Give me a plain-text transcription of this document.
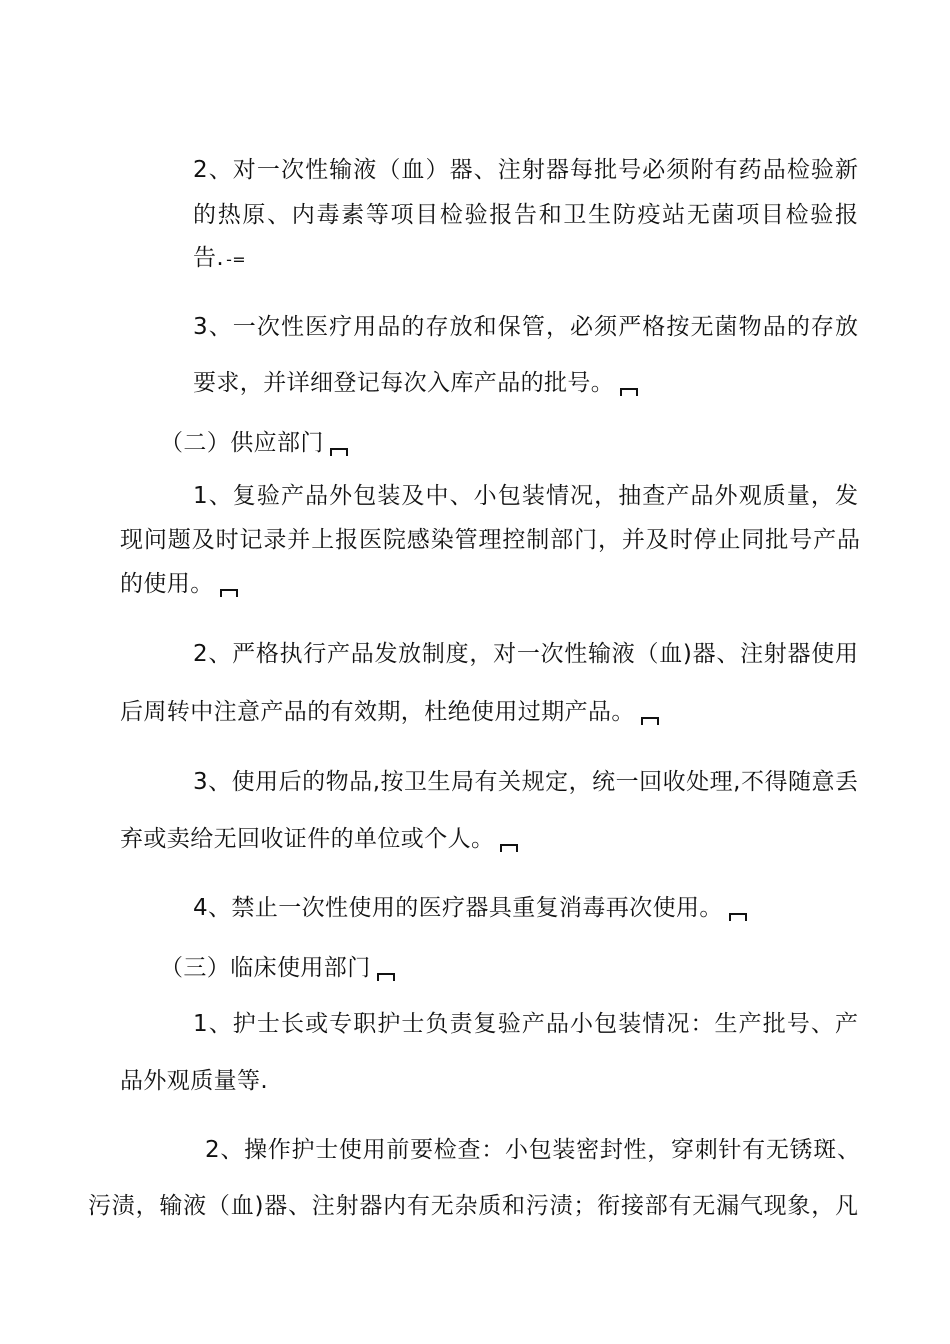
2、对一次性输液（血）器、注射器每批号必须附有药品检验新

的热原、内毒素等项目检验报告和卫生防疫站无菌项目检验报

告. -=

3、一次性医疗用品的存放和保管，必须严格按无菌物品的存放

要求，并详细登记每次入库产品的批号。

（二）供应部门

1、复验产品外包装及中、小包装情况，抽查产品外观质量，发

现问题及时记录并上报医院感染管理控制部门，并及时停止同批号产品

的使用。

2、严格执行产品发放制度，对一次性输液（血)器、注射器使用

后周转中注意产品的有效期，杜绝使用过期产品。

3、使用后的物品,按卫生局有关规定，统一回收处理,不得随意丢

弃或卖给无回收证件的单位或个人。

4、禁止一次性使用的医疗器具重复消毒再次使用。

（三）临床使用部门

1、护士长或专职护士负责复验产品小包装情况：生产批号、产

品外观质量等.

2、操作护士使用前要检查：小包装密封性，穿刺针有无锈斑、

污渍，输液（血)器、注射器内有无杂质和污渍；衔接部有无漏气现象，凡
